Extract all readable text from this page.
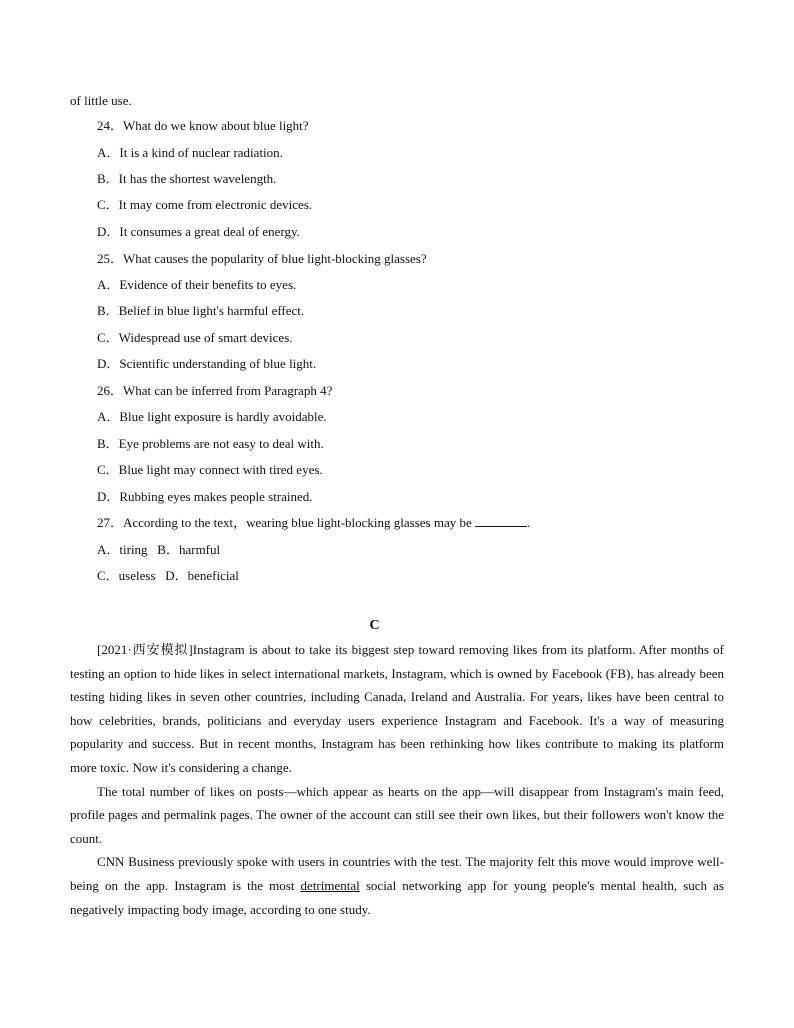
of little use.
24．What do we know about blue light?
A．It is a kind of nuclear radiation.
B．It has the shortest wavelength.
C．It may come from electronic devices.
D．It consumes a great deal of energy.
25．What causes the popularity of blue light-blocking glasses?
A．Evidence of their benefits to eyes.
B．Belief in blue light's harmful effect.
C．Widespread use of smart devices.
D．Scientific understanding of blue light.
26．What can be inferred from Paragraph 4?
A．Blue light exposure is hardly avoidable.
B．Eye problems are not easy to deal with.
C．Blue light may connect with tired eyes.
D．Rubbing eyes makes people strained.
27．According to the text，wearing blue light-blocking glasses may be	.
A．tiring   B．harmful
C．useless   D．beneficial
C

[2021·西安模拟]Instagram is about to take its biggest step toward removing likes from its platform. After months of testing an option to hide likes in select international markets, Instagram, which is owned by Facebook (FB), has already been testing hiding likes in seven other countries, including Canada, Ireland and Australia. For years, likes have been central to how celebrities, brands, politicians and everyday users experience Instagram and Facebook. It's a way of measuring popularity and success. But in recent months, Instagram has been rethinking how likes contribute to making its platform more toxic. Now it's considering a change.

The total number of likes on posts—which appear as hearts on the app—will disappear from Instagram's main feed, profile pages and permalink pages. The owner of the account can still see their own likes, but their followers won't know the count.

CNN Business previously spoke with users in countries with the test. The majority felt this move would improve well-being on the app. Instagram is the most detrimental social networking app for young people's mental health, such as negatively impacting body image, according to one study.
